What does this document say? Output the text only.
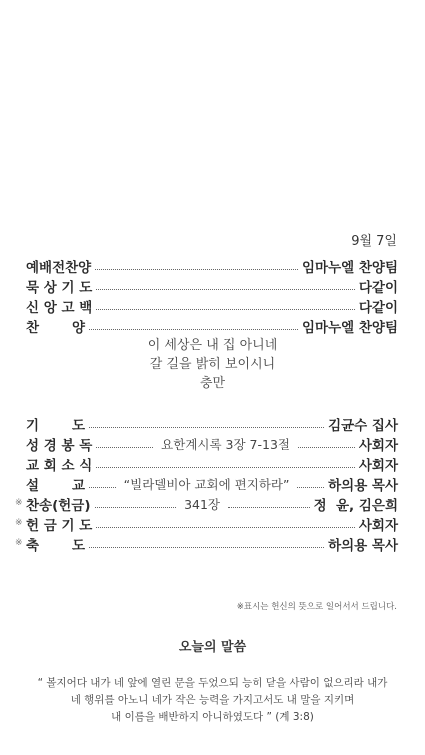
9월 7일
예배전찬양	임마누엘 찬양팀
묵 상 기 도	다같이
신 앙 고 백	다같이
찬       양	임마누엘 찬양팀
이 세상은 내 집 아니네
갈 길을 밝히 보이시니
충만
기       도	김균수 집사
성 경 봉 독	요한계시록 3장 7-13절	사회자
교 회 소 식	사회자
설       교	“빌라델비아 교회에 편지하라”	하의용 목사
※ 찬송(헌금)	341장	정  윤, 김은희
※ 헌 금 기 도	사회자
※ 축       도	하의용 목사
※표시는 헌신의 뜻으로 일어서서 드립니다.
오늘의 말씀
“ 볼지어다 내가 네 앞에 열린 문을 두었으되 능히 닫을 사람이 없으리라 내가
네 행위를 아노니 네가 작은 능력을 가지고서도 내 말을 지키며
내 이름을 배반하지 아니하였도다 ” (계 3:8)
